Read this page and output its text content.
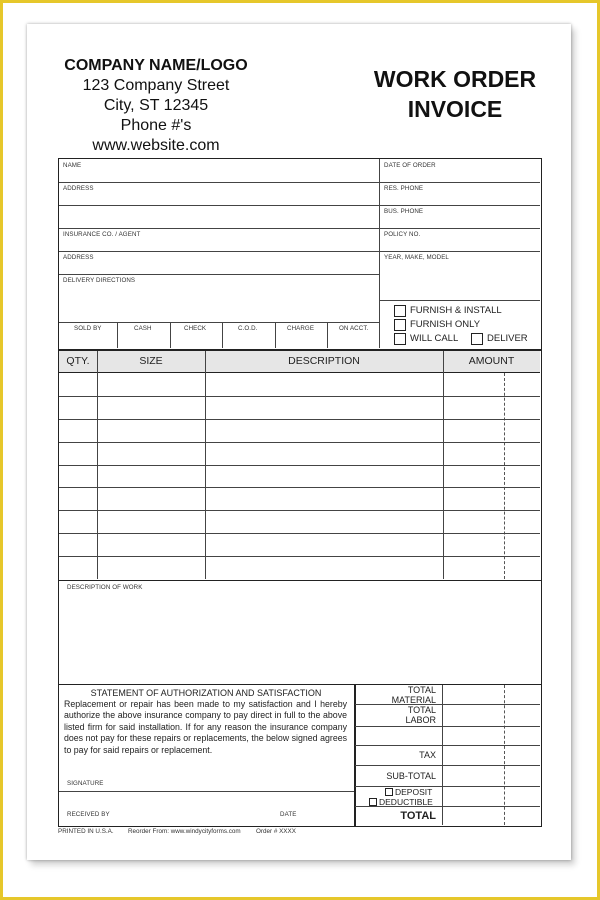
COMPANY NAME/LOGO
123 Company Street
City, ST 12345
Phone #'s
www.website.com
WORK ORDER
INVOICE
NAME	DATE OF ORDER
ADDRESS	RES. PHONE
BUS. PHONE
INSURANCE CO. / AGENT	POLICY NO.
ADDRESS	YEAR, MAKE, MODEL
DELIVERY DIRECTIONS
SOLD BY	CASH	CHECK	C.O.D.	CHARGE	ON ACCT.
FURNISH & INSTALL
FURNISH ONLY
WILL CALL	DELIVER
QTY.	SIZE	DESCRIPTION	AMOUNT
DESCRIPTION OF WORK
STATEMENT OF AUTHORIZATION AND SATISFACTION
Replacement or repair has been made to my satisfaction and I hereby authorize the above insurance company to pay direct in full to the above listed firm for said installation. If for any reason the insurance company does not pay for these repairs or replacements, the below signed agrees to pay for said repairs or replacement.
SIGNATURE
RECEIVED BY	DATE
TOTAL
MATERIAL
TOTAL
LABOR
TAX
SUB-TOTAL
DEPOSIT
DEDUCTIBLE
TOTAL
PRINTED IN U.S.A. Reorder From: www.windycityforms.com Order # XXXX
